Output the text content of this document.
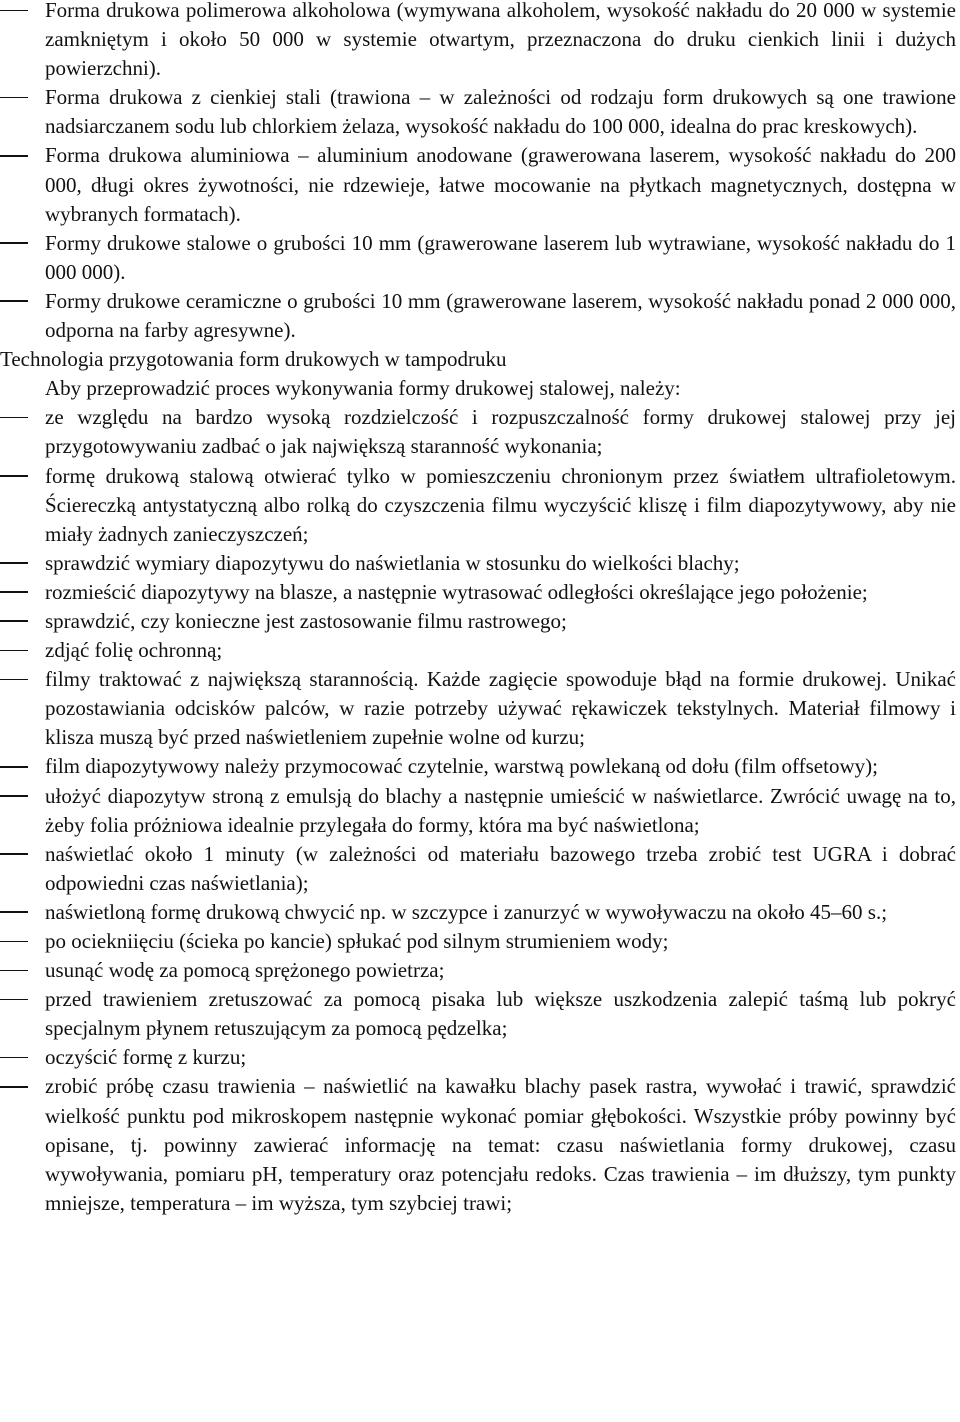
Forma drukowa polimerowa alkoholowa (wymywana alkoholem, wysokość nakładu do 20 000 w systemie zamkniętym i około 50 000 w systemie otwartym, przeznaczona do druku cienkich linii i dużych powierzchni).
Forma drukowa z cienkiej stali (trawiona – w zależności od rodzaju form drukowych są one trawione nadsiarczanem sodu lub chlorkiem żelaza, wysokość nakładu do 100 000, idealna do prac kreskowych).
Forma drukowa aluminiowa – aluminium anodowane (grawerowana laserem, wysokość nakładu do 200 000, długi okres żywotności, nie rdzewieje, łatwe mocowanie na płytkach magnetycznych, dostępna w wybranych formatach).
Formy drukowe stalowe o grubości 10 mm (grawerowane laserem lub wytrawiane, wysokość nakładu do 1 000 000).
Formy drukowe ceramiczne o grubości 10 mm (grawerowane laserem, wysokość nakładu ponad 2 000 000, odporna na farby agresywne).
Technologia przygotowania form drukowych w tampodruku

Aby przeprowadzić proces wykonywania formy drukowej stalowej, należy:

ze względu na bardzo wysoką rozdzielczość i rozpuszczalność formy drukowej stalowej przy jej przygotowywaniu zadbać o jak największą staranność wykonania;
formę drukową stalową otwierać tylko w pomieszczeniu chronionym przez światłem ultrafioletowym. Ściereczką antystatyczną albo rolką do czyszczenia filmu wyczyścić kliszę i film diapozytywowy, aby nie miały żadnych zanieczyszczeń;
sprawdzić wymiary diapozytywu do naświetlania w stosunku do wielkości blachy;
rozmieścić diapozytywy na blasze, a następnie wytrasować odległości określające jego położenie;
sprawdzić, czy konieczne jest zastosowanie filmu rastrowego;
zdjąć folię ochronną;
filmy traktować z największą starannością. Każde zagięcie spowoduje błąd na formie drukowej. Unikać pozostawiania odcisków palców, w razie potrzeby używać rękawiczek tekstylnych. Materiał filmowy i klisza muszą być przed naświetleniem zupełnie wolne od kurzu;
film diapozytywowy należy przymocować czytelnie, warstwą powlekaną od dołu (film offsetowy);
ułożyć diapozytyw stroną z emulsją do blachy a następnie umieścić w naświetlarce. Zwrócić uwagę na to, żeby folia próżniowa idealnie przylegała do formy, która ma być naświetlona;
naświetlać około 1 minuty (w zależności od materiału bazowego trzeba zrobić test UGRA i dobrać odpowiedni czas naświetlania);
naświetloną formę drukową chwycić np. w szczypce i zanurzyć w wywoływaczu na około 45–60 s.;
po ociekniięciu (ścieka po kancie) spłukać pod silnym strumieniem wody;
usunąć wodę za pomocą sprężonego powietrza;
przed trawieniem zretuszować za pomocą pisaka lub większe uszkodzenia zalepić taśmą lub pokryć specjalnym płynem retuszującym za pomocą pędzelka;
oczyścić formę z kurzu;
zrobić próbę czasu trawienia – naświetlić na kawałku blachy pasek rastra, wywołać i trawić, sprawdzić wielkość punktu pod mikroskopem następnie wykonać pomiar głębokości. Wszystkie próby powinny być opisane, tj. powinny zawierać informację na temat: czasu naświetlania formy drukowej, czasu wywoływania, pomiaru pH, temperatury oraz potencjału redoks. Czas trawienia – im dłuższy, tym punkty mniejsze, temperatura – im wyższa, tym szybciej trawi;
